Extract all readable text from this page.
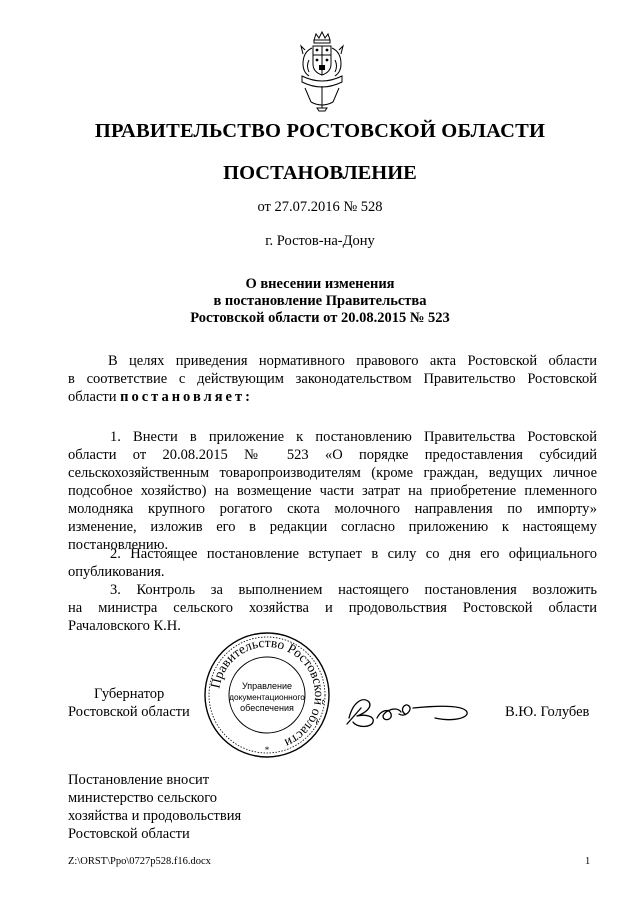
ПРАВИТЕЛЬСТВО РОСТОВСКОЙ ОБЛАСТИ
ПОСТАНОВЛЕНИЕ
от 27.07.2016 № 528
г. Ростов-на-Дону
О внесении изменения
в постановление Правительства
Ростовской области от 20.08.2015 № 523
В целях приведения нормативного правового акта Ростовской области
в соответствие с действующим законодательством Правительство Ростовской
области постановляет:
1. Внести в приложение к постановлению Правительства Ростовской
области от 20.08.2015 № 523 «О порядке предоставления субсидий
сельскохозяйственным товаропроизводителям (кроме граждан, ведущих личное
подсобное хозяйство) на возмещение части затрат на приобретение племенного
молодняка крупного рогатого скота молочного направления по импорту»
изменение, изложив его в редакции согласно приложению к настоящему
постановлению.
2. Настоящее постановление вступает в силу со дня его официального
опубликования.
3. Контроль за выполнением настоящего постановления возложить
на министра сельского хозяйства и продовольствия Ростовской области
Рачаловского К.Н.
Губернатор
Ростовской области	В.Ю. Голубев
Правительство Ростовской области
Управление
документационного
обеспечения
*
Постановление вносит
министерство сельского
хозяйства и продовольствия
Ростовской области
Z:\ORST\Ppo\0727p528.f16.docx	1
